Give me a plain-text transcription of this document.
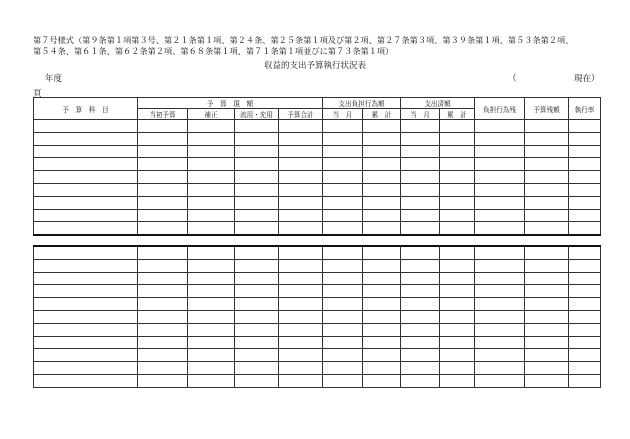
第７号様式（第９条第１項第３号、第２１条第１項、第２４条、第２５条第１項及び第２項、第２７条第３項、第３９条第１項、第５３条第２項、
第５４条、第６１条、第６２条第２項、第６８条第１項、第７１条第１項並びに第７３条第１項）
収益的支出予算執行状況表
年度	（	現在）
頁
予　算　科　目	予　算　現　額				支出負担行為額		支出済額		負担行為残	予算残額	執行率
	当初予算	補正	流用・充用	予算合計	当　月	累　計	当　月	累　計			
